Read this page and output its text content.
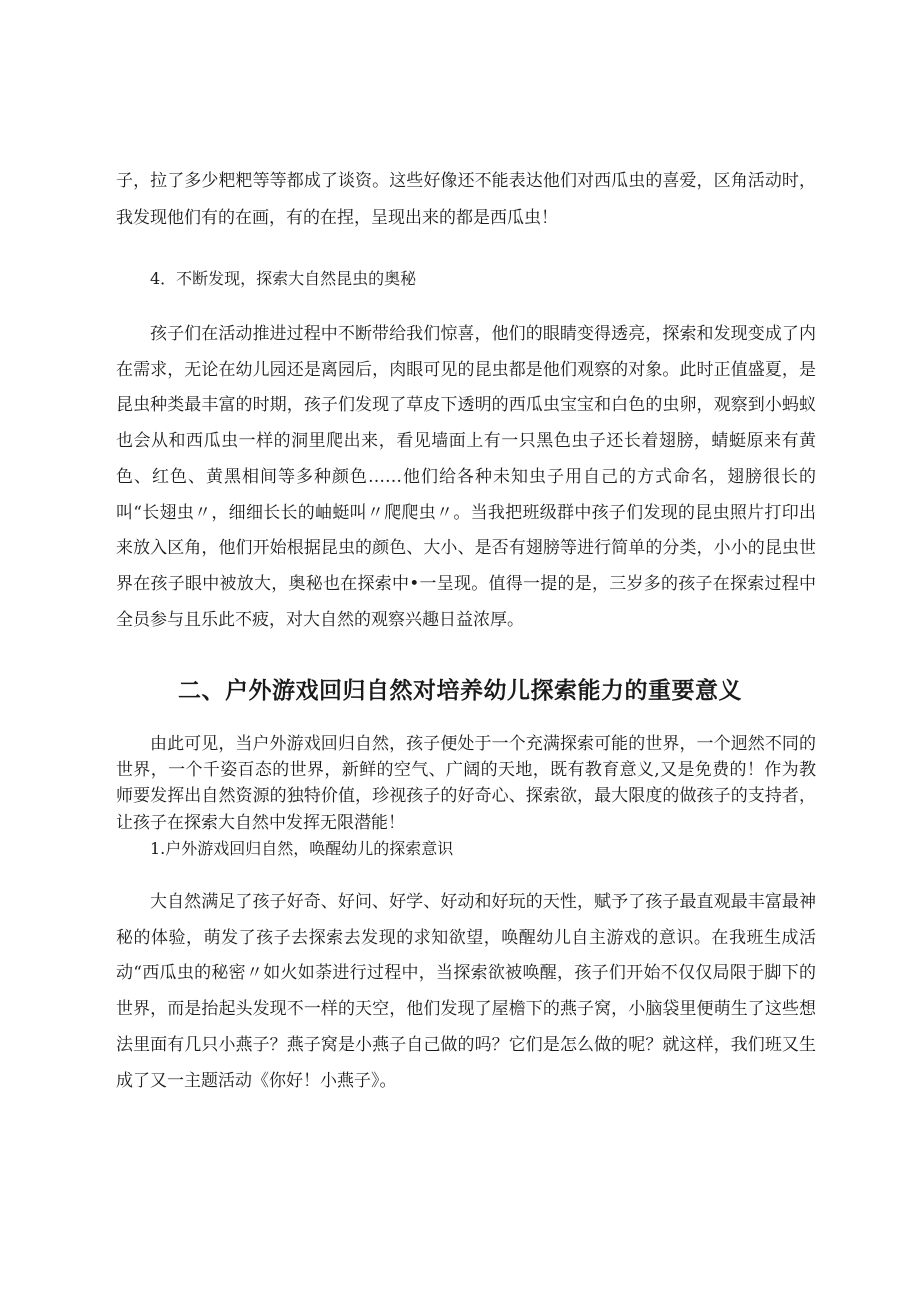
子，拉了多少粑粑等等都成了谈资。这些好像还不能表达他们对西瓜虫的喜爱，区角活动时，我发现他们有的在画，有的在捏，呈现出来的都是西瓜虫！

4．不断发现，探索大自然昆虫的奥秘

孩子们在活动推进过程中不断带给我们惊喜，他们的眼睛变得透亮，探索和发现变成了内在需求，无论在幼儿园还是离园后，肉眼可见的昆虫都是他们观察的对象。此时正值盛夏，是昆虫种类最丰富的时期，孩子们发现了草皮下透明的西瓜虫宝宝和白色的虫卵，观察到小蚂蚁也会从和西瓜虫一样的洞里爬出来，看见墙面上有一只黑色虫子还长着翅膀，蜻蜓原来有黄色、红色、黄黑相间等多种颜色……他们给各种未知虫子用自己的方式命名，翅膀很长的叫“长翅虫〃，细细长长的岫蜓叫〃爬爬虫〃。当我把班级群中孩子们发现的昆虫照片打印出来放入区角，他们开始根据昆虫的颜色、大小、是否有翅膀等进行简单的分类，小小的昆虫世界在孩子眼中被放大，奥秘也在探索中•一呈现。值得一提的是，三岁多的孩子在探索过程中全员参与且乐此不疲，对大自然的观察兴趣日益浓厚。

二、户外游戏回归自然对培养幼儿探索能力的重要意义

由此可见，当户外游戏回归自然，孩子便处于一个充满探索可能的世界，一个迥然不同的世界，一个千姿百态的世界，新鲜的空气、广阔的天地，既有教育意义,又是免费的！作为教师要发挥出自然资源的独特价值，珍视孩子的好奇心、探索欲，最大限度的做孩子的支持者，让孩子在探索大自然中发挥无限潜能！

1.户外游戏回归自然，唤醒幼儿的探索意识

大自然满足了孩子好奇、好问、好学、好动和好玩的天性，赋予了孩子最直观最丰富最神秘的体验，萌发了孩子去探索去发现的求知欲望，唤醒幼儿自主游戏的意识。在我班生成活动“西瓜虫的秘密〃如火如荼进行过程中，当探索欲被唤醒，孩子们开始不仅仅局限于脚下的世界，而是抬起头发现不一样的天空，他们发现了屋檐下的燕子窝，小脑袋里便萌生了这些想法里面有几只小燕子？燕子窝是小燕子自己做的吗？它们是怎么做的呢？就这样，我们班又生成了又一主题活动《你好！小燕子》。
